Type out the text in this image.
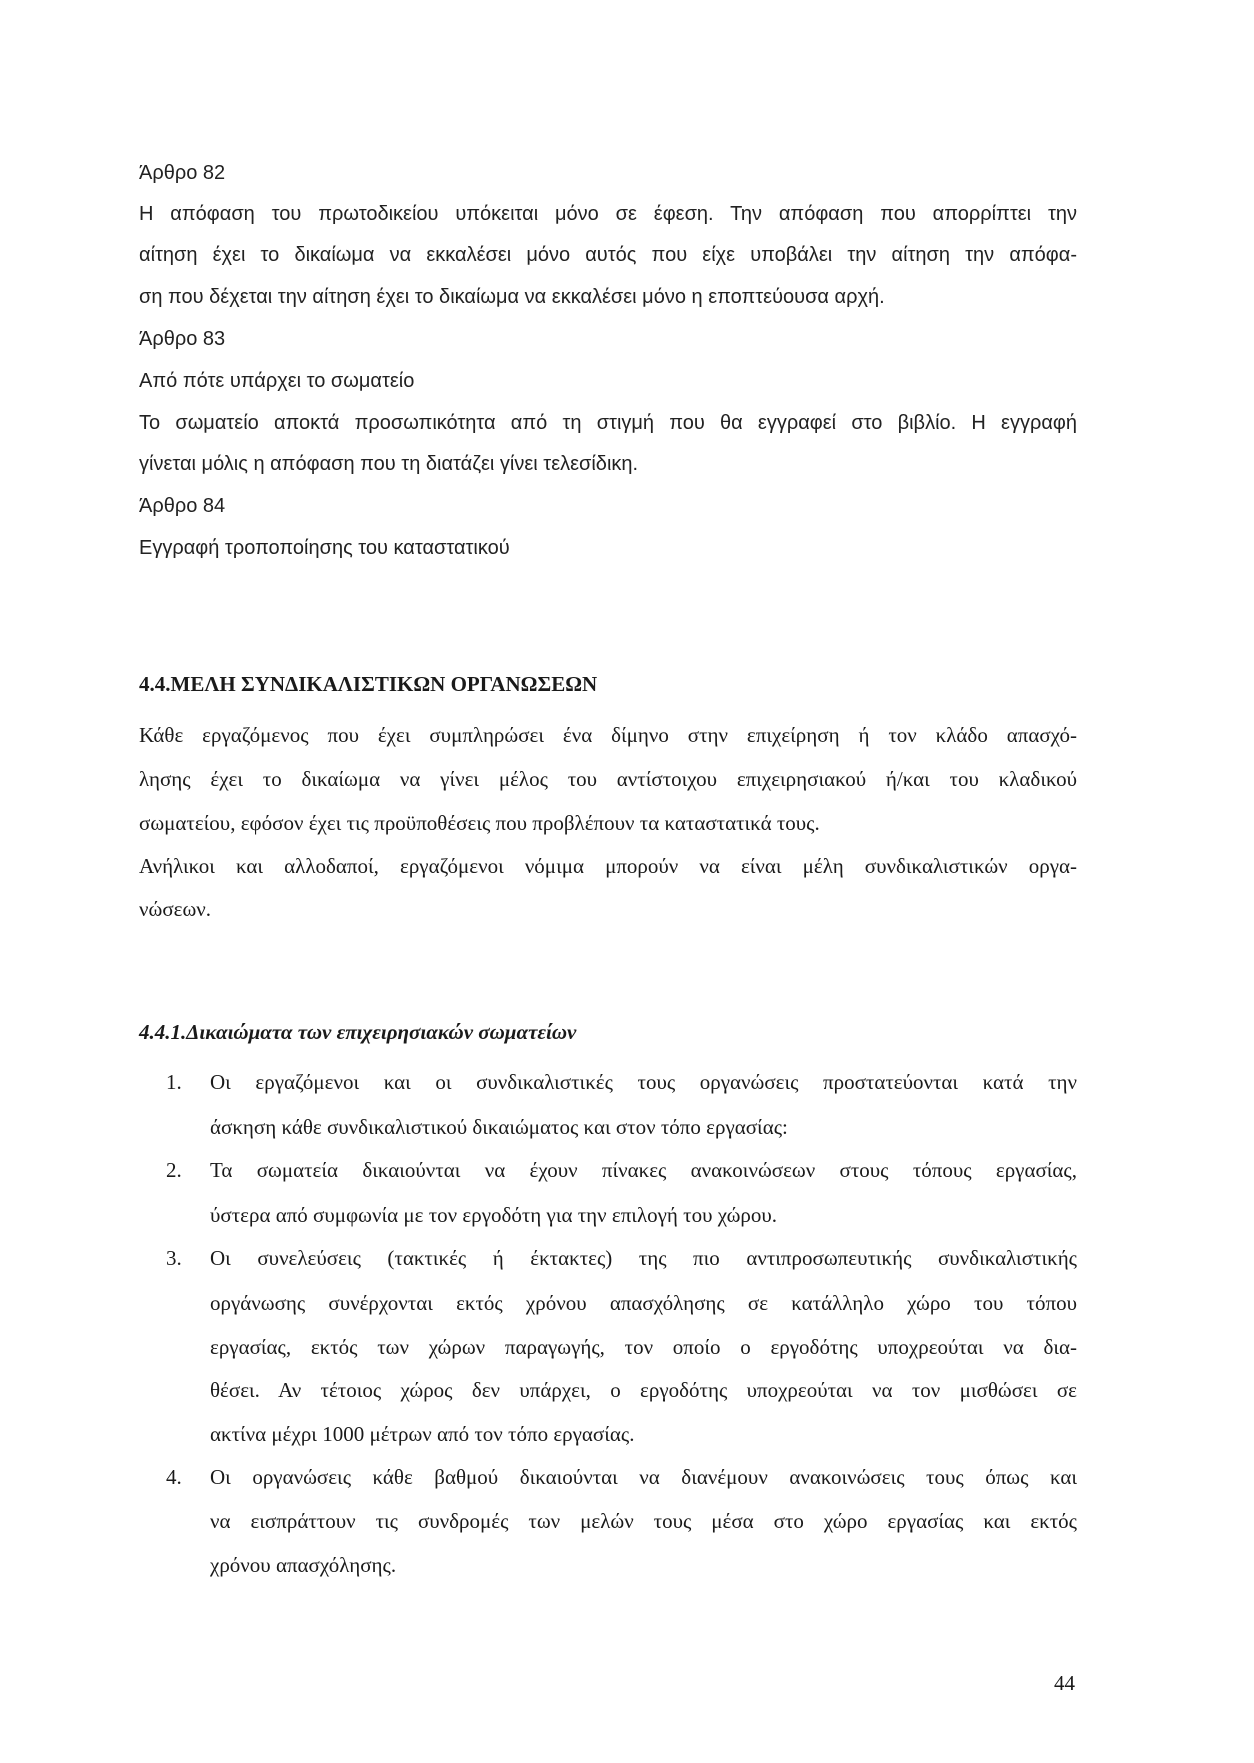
Άρθρο 82
Η απόφαση του πρωτοδικείου υπόκειται μόνο σε έφεση. Την απόφαση που απορρίπτει την
αίτηση έχει το δικαίωμα να εκκαλέσει μόνο αυτός που είχε υποβάλει την αίτηση την απόφα-
ση που δέχεται την αίτηση έχει το δικαίωμα να εκκαλέσει μόνο η εποπτεύουσα αρχή.
Άρθρο 83
Από πότε υπάρχει το σωματείο
Το σωματείο αποκτά προσωπικότητα από τη στιγμή που θα εγγραφεί στο βιβλίο. Η εγγραφή
γίνεται μόλις η απόφαση που τη διατάζει γίνει τελεσίδικη.
Άρθρο 84
Εγγραφή τροποποίησης του καταστατικού
4.4.ΜΕΛΗ ΣΥΝΔΙΚΑΛΙΣΤΙΚΩΝ ΟΡΓΑΝΩΣΕΩΝ
Κάθε εργαζόμενος που έχει συμπληρώσει ένα δίμηνο στην επιχείρηση ή τον κλάδο απασχό-
λησης έχει το δικαίωμα να γίνει μέλος του αντίστοιχου επιχειρησιακού ή/και του κλαδικού
σωματείου, εφόσον έχει τις προϋποθέσεις που προβλέπουν τα καταστατικά τους.
Ανήλικοι και αλλοδαποί, εργαζόμενοι νόμιμα μπορούν να είναι μέλη συνδικαλιστικών οργα-
νώσεων.
4.4.1.Δικαιώματα των επιχειρησιακών σωματείων
1. Οι εργαζόμενοι και οι συνδικαλιστικές τους οργανώσεις προστατεύονται κατά την
άσκηση κάθε συνδικαλιστικού δικαιώματος και στον τόπο εργασίας:
2. Τα σωματεία δικαιούνται να έχουν πίνακες ανακοινώσεων στους τόπους εργασίας,
ύστερα από συμφωνία με τον εργοδότη για την επιλογή του χώρου.
3. Οι συνελεύσεις (τακτικές ή έκτακτες) της πιο αντιπροσωπευτικής συνδικαλιστικής
οργάνωσης συνέρχονται εκτός χρόνου απασχόλησης σε κατάλληλο χώρο του τόπου
εργασίας, εκτός των χώρων παραγωγής, τον οποίο ο εργοδότης υποχρεούται να δια-
θέσει. Αν τέτοιος χώρος δεν υπάρχει, ο εργοδότης υποχρεούται να τον μισθώσει σε
ακτίνα μέχρι 1000 μέτρων από τον τόπο εργασίας.
4. Οι οργανώσεις κάθε βαθμού δικαιούνται να διανέμουν ανακοινώσεις τους όπως και
να εισπράττουν τις συνδρομές των μελών τους μέσα στο χώρο εργασίας και εκτός
χρόνου απασχόλησης.
44
